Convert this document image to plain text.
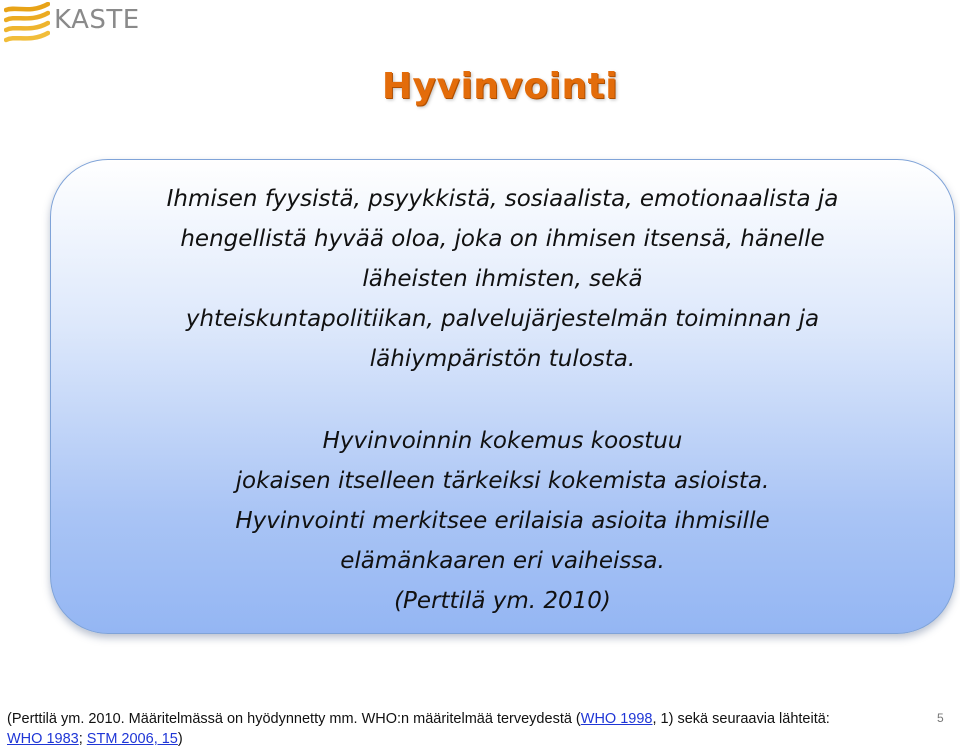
KASTE
Hyvinvointi

Ihmisen fyysistä, psyykkistä, sosiaalista, emotionaalista ja

hengellistä hyvää oloa, joka on ihmisen itsensä, hänelle

läheisten ihmisten, sekä

yhteiskuntapolitiikan, palvelujärjestelmän toiminnan ja

lähiympäristön tulosta.

Hyvinvoinnin kokemus koostuu

jokaisen itselleen tärkeiksi kokemista asioista.

Hyvinvointi merkitsee erilaisia asioita ihmisille

elämänkaaren eri vaiheissa.

(Perttilä ym. 2010)

(Perttilä ym. 2010. Määritelmässä on hyödynnetty mm. WHO:n määritelmää terveydestä (WHO 1998, 1) sekä seuraavia lähteitä: WHO 1983; STM 2006, 15)

5
